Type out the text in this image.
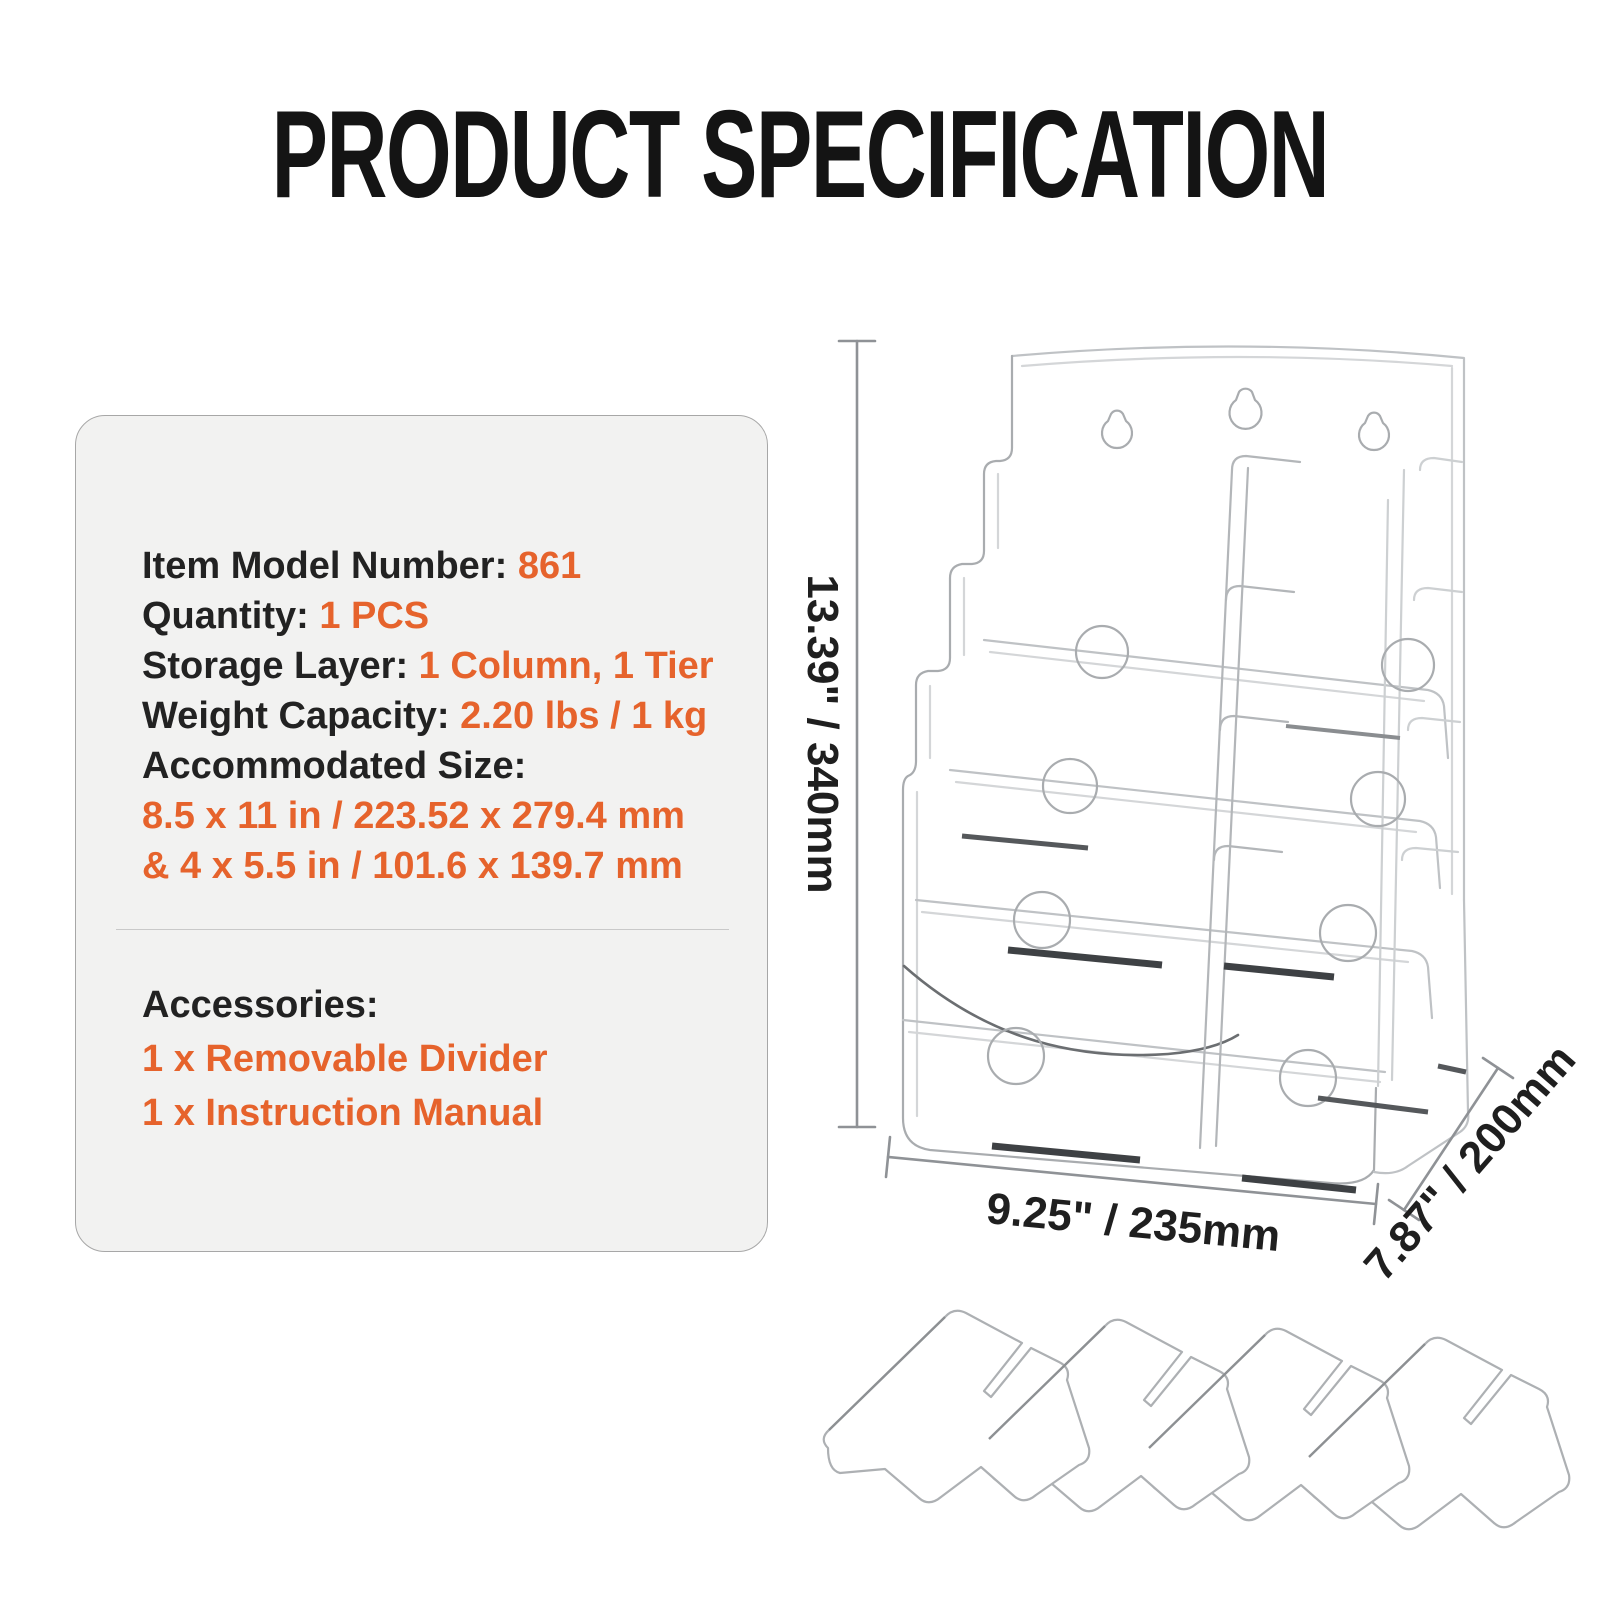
PRODUCT SPECIFICATION
Item Model Number: 861
Quantity: 1 PCS
Storage Layer: 1 Column, 1 Tier
Weight Capacity: 2.20 lbs / 1 kg
Accommodated Size:
8.5 x 11 in / 223.52 x 279.4 mm
& 4 x 5.5 in / 101.6 x 139.7 mm
Accessories:
1 x Removable Divider
1 x Instruction Manual
13.39" / 340mm
9.25" / 235mm 7.87" / 200mm
